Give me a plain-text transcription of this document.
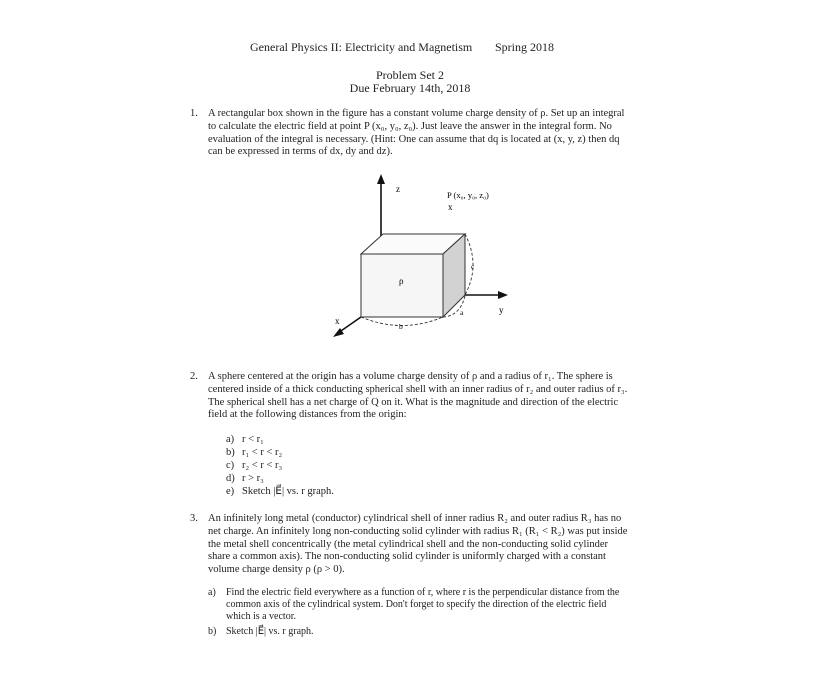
General Physics II: Electricity and Magnetism Spring 2018
Problem Set 2
Due February 14th, 2018
1. A rectangular box shown in the figure has a constant volume charge density of ρ. Set up an integral to calculate the electric field at point P (x₀, y₀, z₀). Just leave the answer in the integral form. No evaluation of the integral is necessary. (Hint: One can assume that dq is located at (x, y, z) then dq can be expressed in terms of dx, dy and dz).
z
y
x
P (x₀, y₀, z₀)
x
ρ
a
b
c
2. A sphere centered at the origin has a volume charge density of ρ and a radius of r₁. The sphere is centered inside of a thick conducting spherical shell with an inner radius of r₂ and outer radius of r₃. The spherical shell has a net charge of Q on it. What is the magnitude and direction of the electric field at the following distances from the origin:
a) r < r₁
b) r₁ < r < r₂
c) r₂ < r < r₃
d) r > r₃
e) Sketch |E⃗| vs. r graph.
3. An infinitely long metal (conductor) cylindrical shell of inner radius R₂ and outer radius R₃ has no net charge. An infinitely long non-conducting solid cylinder with radius R₁ (R₁ < R₂) was put inside the metal shell concentrically (the metal cylindrical shell and the non-conducting solid cylinder share a common axis). The non-conducting solid cylinder is uniformly charged with a constant volume charge density ρ (ρ > 0).
a) Find the electric field everywhere as a function of r, where r is the perpendicular distance from the common axis of the cylindrical system. Don't forget to specify the direction of the electric field which is a vector.
b) Sketch |E⃗| vs. r graph.
